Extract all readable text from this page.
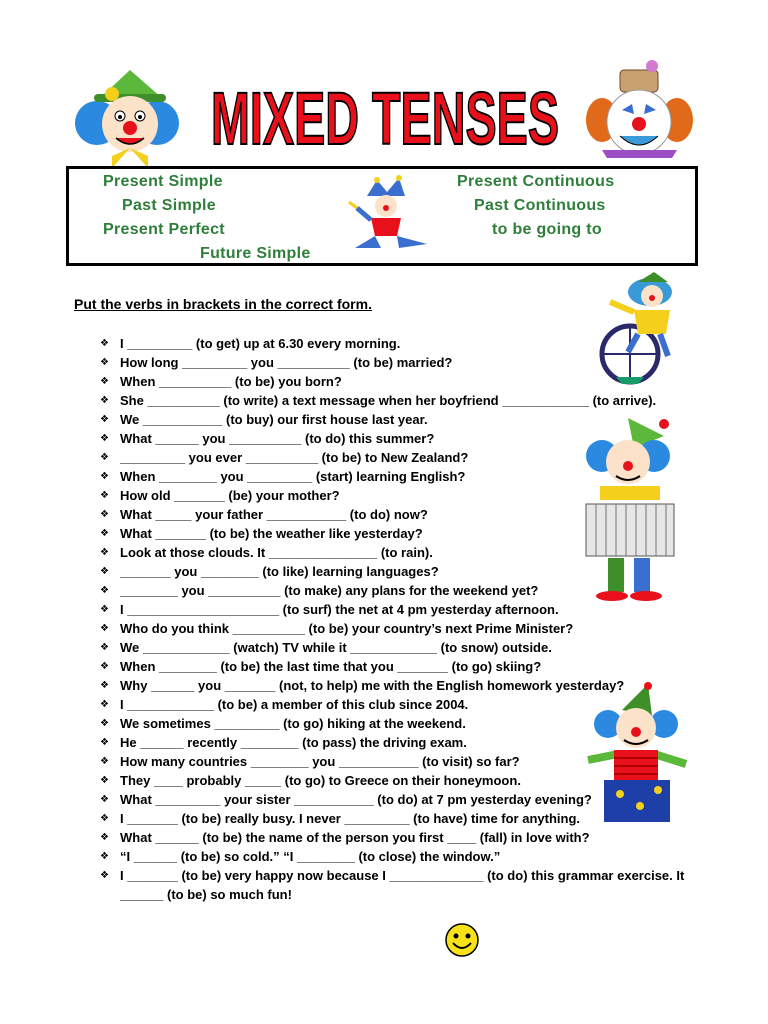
MIXED TENSES
Present Simple
Past Simple
Present Perfect
Future Simple
Present Continuous
Past Continuous
to be going to
Put the verbs in brackets in the correct form.
❖ I _________ (to get) up at 6.30 every morning.
❖ How long _________ you __________ (to be) married?
❖ When __________ (to be) you born?
❖ She __________ (to write) a text message when her boyfriend ____________ (to arrive).
❖ We ___________ (to buy) our first house last year.
❖ What ______ you __________ (to do) this summer?
❖ _________ you ever __________ (to be) to New Zealand?
❖ When ________ you _________ (start) learning English?
❖ How old _______ (be) your mother?
❖ What _____ your father ___________ (to do) now?
❖ What _______ (to be) the weather like yesterday?
❖ Look at those clouds. It _______________ (to rain).
❖ _______ you ________ (to like) learning languages?
❖ ________ you __________ (to make) any plans for the weekend yet?
❖ I _____________________ (to surf) the net at 4 pm yesterday afternoon.
❖ Who do you think __________ (to be) your country’s next Prime Minister?
❖ We ____________ (watch) TV while it ____________ (to snow) outside.
❖ When ________ (to be) the last time that you _______ (to go) skiing?
❖ Why ______ you _______ (not, to help) me with the English homework yesterday?
❖ I ____________ (to be) a member of this club since 2004.
❖ We sometimes _________ (to go) hiking at the weekend.
❖ He ______ recently ________ (to pass) the driving exam.
❖ How many countries ________ you ___________ (to visit) so far?
❖ They ____ probably _____ (to go) to Greece on their honeymoon.
❖ What _________ your sister ___________ (to do) at 7 pm yesterday evening?
❖ I _______ (to be) really busy. I never _________ (to have) time for anything.
❖ What ______ (to be) the name of the person you first ____ (fall) in love with?
❖ “I ______ (to be) so cold.” “I ________ (to close) the window.”
❖ I _______ (to be) very happy now because I _____________ (to do) this grammar exercise. It ______ (to be) so much fun!
